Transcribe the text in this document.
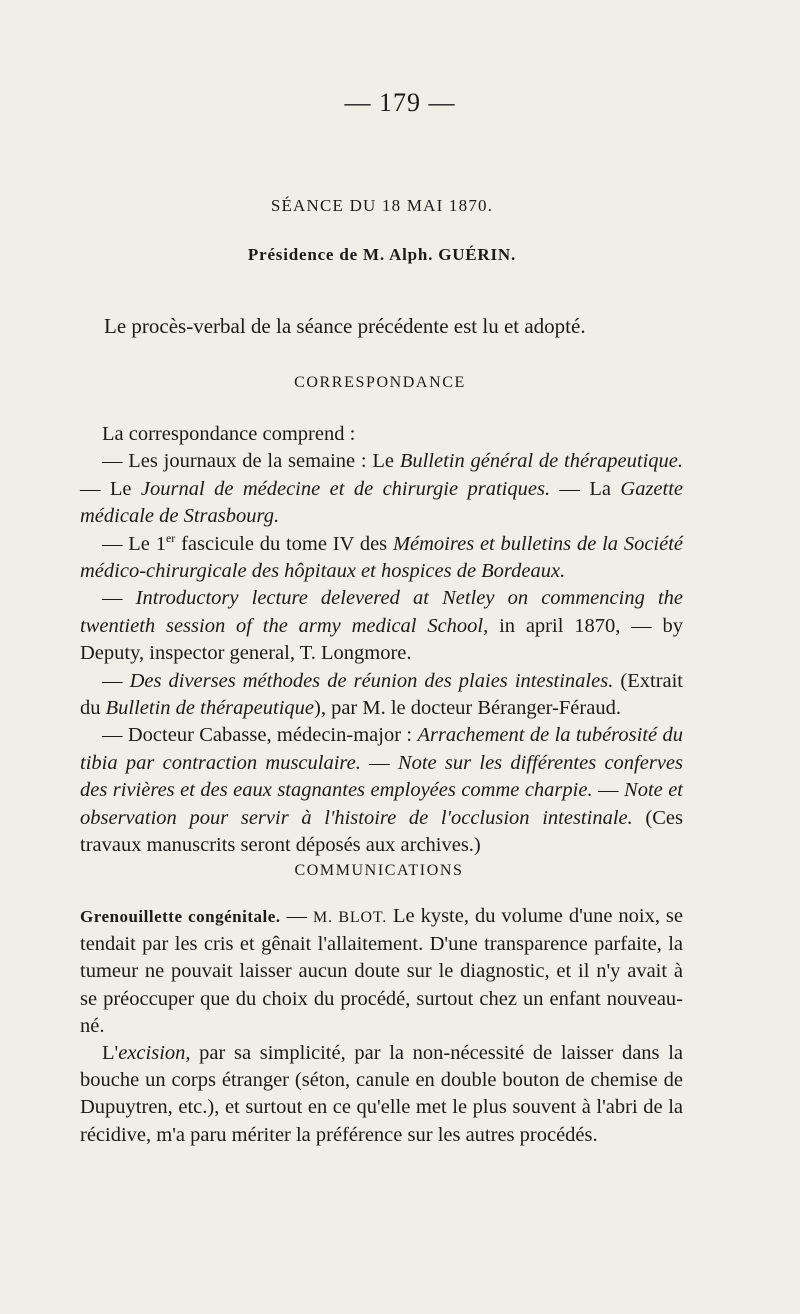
— 179 —
SÉANCE DU 18 MAI 1870.
Présidence de M. Alph. GUÉRIN.
Le procès-verbal de la séance précédente est lu et adopté.
CORRESPONDANCE

La correspondance comprend :

— Les journaux de la semaine : Le Bulletin général de thérapeutique. — Le Journal de médecine et de chirurgie pratiques. — La Gazette médicale de Strasbourg.

— Le 1er fascicule du tome IV des Mémoires et bulletins de la Société médico-chirurgicale des hôpitaux et hospices de Bordeaux.

— Introductory lecture delevered at Netley on commencing the twentieth session of the army medical School, in april 1870, — by Deputy, inspector general, T. Longmore.

— Des diverses méthodes de réunion des plaies intestinales. (Extrait du Bulletin de thérapeutique), par M. le docteur Béranger-Féraud.

— Docteur Cabasse, médecin-major : Arrachement de la tubérosité du tibia par contraction musculaire. — Note sur les différentes conferves des rivières et des eaux stagnantes employées comme charpie. — Note et observation pour servir à l'histoire de l'occlusion intestinale. (Ces travaux manuscrits seront déposés aux archives.)

COMMUNICATIONS

Grenouillette congénitale. — M. BLOT. Le kyste, du volume d'une noix, se tendait par les cris et gênait l'allaitement. D'une transparence parfaite, la tumeur ne pouvait laisser aucun doute sur le diagnostic, et il n'y avait à se préoccuper que du choix du procédé, surtout chez un enfant nouveau-né.

L'excision, par sa simplicité, par la non-nécessité de laisser dans la bouche un corps étranger (séton, canule en double bouton de chemise de Dupuytren, etc.), et surtout en ce qu'elle met le plus souvent à l'abri de la récidive, m'a paru mériter la préférence sur les autres procédés.
